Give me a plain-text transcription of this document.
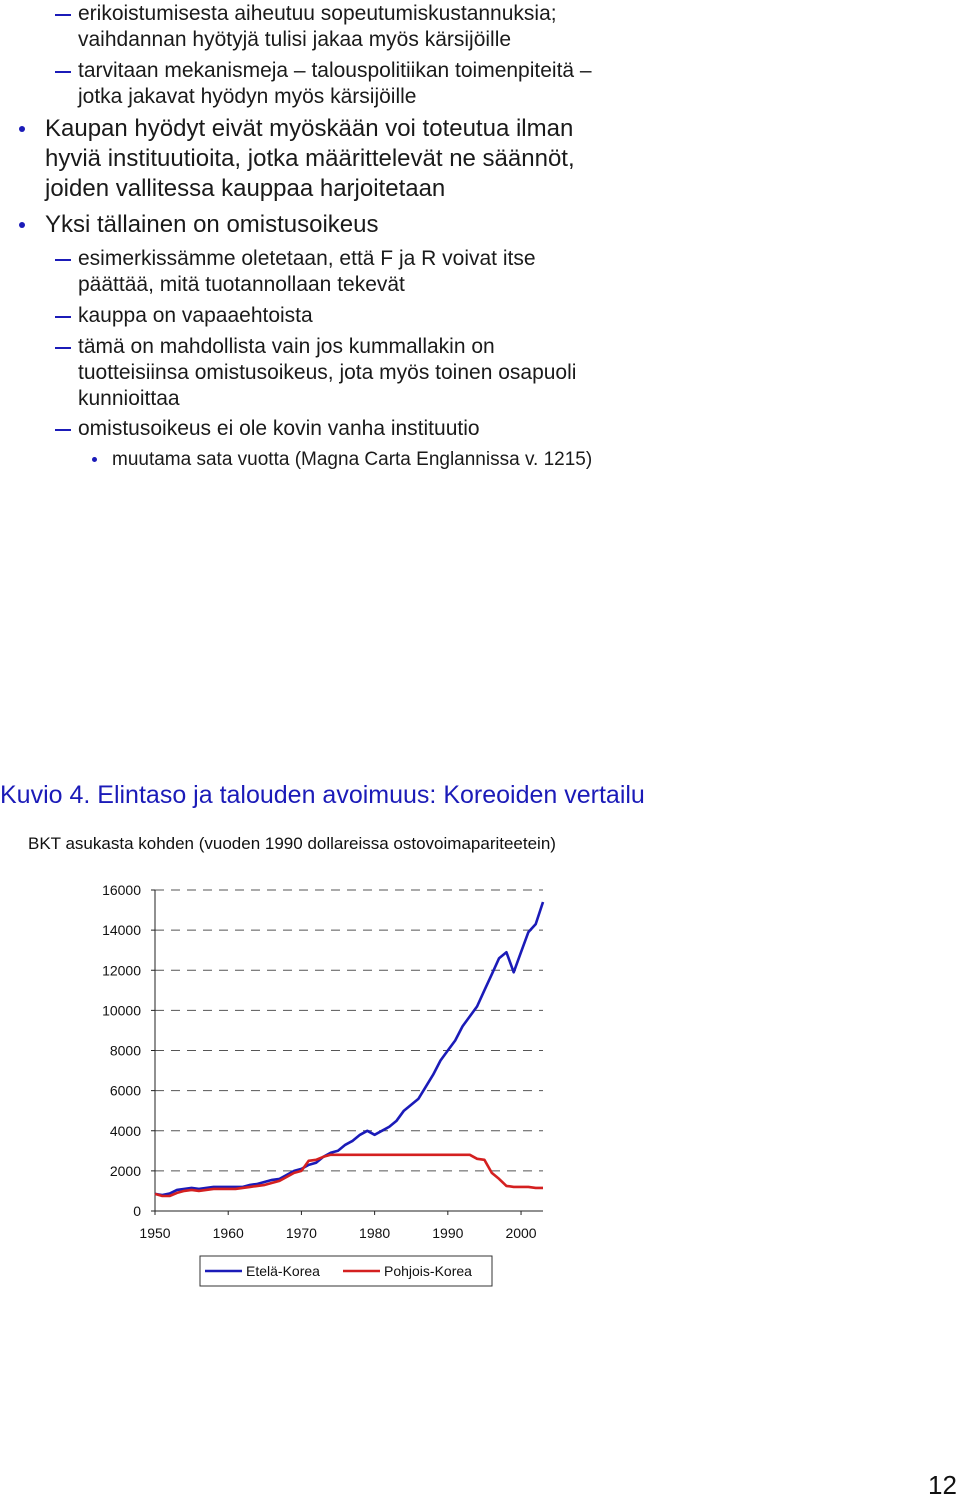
erikoistumisesta aiheutuu sopeutumiskustannuksia;
vaihdannan hyötyjä tulisi jakaa myös kärsijöille
tarvitaan mekanismeja – talouspolitiikan toimenpiteitä –
jotka jakavat hyödyn myös kärsijöille
Kaupan hyödyt eivät myöskään voi toteutua ilman
hyviä instituutioita, jotka määrittelevät ne säännöt,
joiden vallitessa kauppaa harjoitetaan
Yksi tällainen on omistusoikeus
esimerkissämme oletetaan, että F ja R voivat itse
päättää, mitä tuotannollaan tekevät
kauppa on vapaaehtoista
tämä on mahdollista vain jos kummallakin on
tuotteisiinsa omistusoikeus, jota myös toinen osapuoli
kunnioittaa
omistusoikeus ei ole kovin vanha instituutio
muutama sata vuotta (Magna Carta Englannissa v. 1215)
Kuvio 4. Elintaso ja talouden avoimuus: Koreoiden vertailu
BKT asukasta kohden (vuoden 1990 dollareissa ostovoimapariteetein)
0
2000
4000
6000
8000
10000
12000
14000
16000
1950	1960	1970	1980	1990	2000
Etelä-Korea	Pohjois-Korea
12
